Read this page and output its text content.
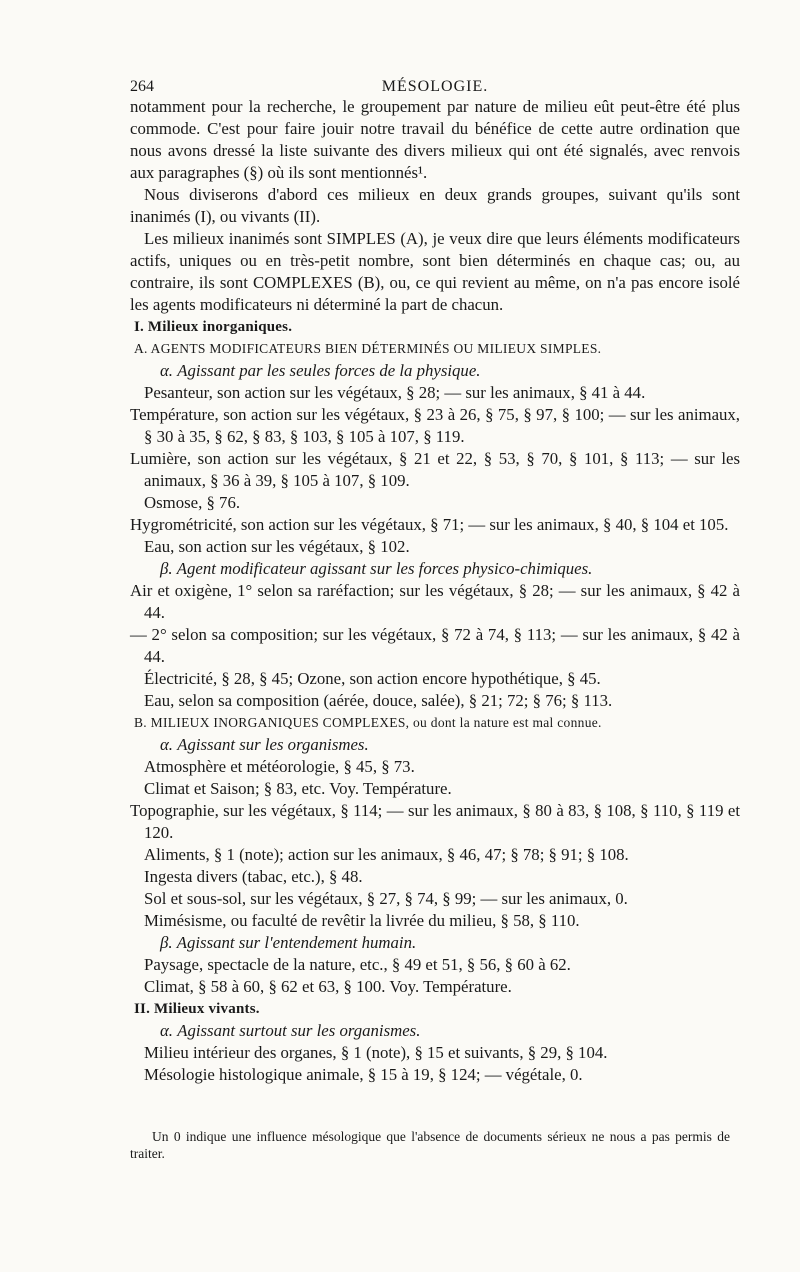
264	MÉSOLOGIE.

notamment pour la recherche, le groupement par nature de milieu eût peut-être été plus commode. C'est pour faire jouir notre travail du bénéfice de cette autre ordination que nous avons dressé la liste suivante des divers milieux qui ont été signalés, avec renvois aux paragraphes (§) où ils sont mentionnés¹.

Nous diviserons d'abord ces milieux en deux grands groupes, suivant qu'ils sont inanimés (I), ou vivants (II).

Les milieux inanimés sont SIMPLES (A), je veux dire que leurs éléments modificateurs actifs, uniques ou en très-petit nombre, sont bien déterminés en chaque cas; ou, au contraire, ils sont COMPLEXES (B), ou, ce qui revient au même, on n'a pas encore isolé les agents modificateurs ni déterminé la part de chacun.

I. Milieux inorganiques.

A. AGENTS MODIFICATEURS BIEN DÉTERMINÉS OU MILIEUX SIMPLES.

α. Agissant par les seules forces de la physique.

Pesanteur, son action sur les végétaux, § 28; — sur les animaux, § 41 à 44.

Température, son action sur les végétaux, § 23 à 26, § 75, § 97, § 100; — sur les animaux, § 30 à 35, § 62, § 83, § 103, § 105 à 107, § 119.

Lumière, son action sur les végétaux, § 21 et 22, § 53, § 70, § 101, § 113; — sur les animaux, § 36 à 39, § 105 à 107, § 109.

Osmose, § 76.

Hygrométricité, son action sur les végétaux, § 71; — sur les animaux, § 40, § 104 et 105.

Eau, son action sur les végétaux, § 102.

β. Agent modificateur agissant sur les forces physico-chimiques.

Air et oxigène, 1° selon sa raréfaction; sur les végétaux, § 28; — sur les animaux, § 42 à 44.

— 2° selon sa composition; sur les végétaux, § 72 à 74, § 113; — sur les animaux, § 42 à 44.

Électricité, § 28, § 45; Ozone, son action encore hypothétique, § 45.

Eau, selon sa composition (aérée, douce, salée), § 21; 72; § 76; § 113.

B. MILIEUX INORGANIQUES COMPLEXES, ou dont la nature est mal connue.

α. Agissant sur les organismes.

Atmosphère et météorologie, § 45, § 73.

Climat et Saison; § 83, etc. Voy. Température.

Topographie, sur les végétaux, § 114; — sur les animaux, § 80 à 83, § 108, § 110, § 119 et 120.

Aliments, § 1 (note); action sur les animaux, § 46, 47; § 78; § 91; § 108.

Ingesta divers (tabac, etc.), § 48.

Sol et sous-sol, sur les végétaux, § 27, § 74, § 99; — sur les animaux, 0.

Mimésisme, ou faculté de revêtir la livrée du milieu, § 58, § 110.

β. Agissant sur l'entendement humain.

Paysage, spectacle de la nature, etc., § 49 et 51, § 56, § 60 à 62.

Climat, § 58 à 60, § 62 et 63, § 100. Voy. Température.

II. Milieux vivants.

α. Agissant surtout sur les organismes.

Milieu intérieur des organes, § 1 (note), § 15 et suivants, § 29, § 104.

Mésologie histologique animale, § 15 à 19, § 124; — végétale, 0.

Un 0 indique une influence mésologique que l'absence de documents sérieux ne nous a pas permis de traiter.
